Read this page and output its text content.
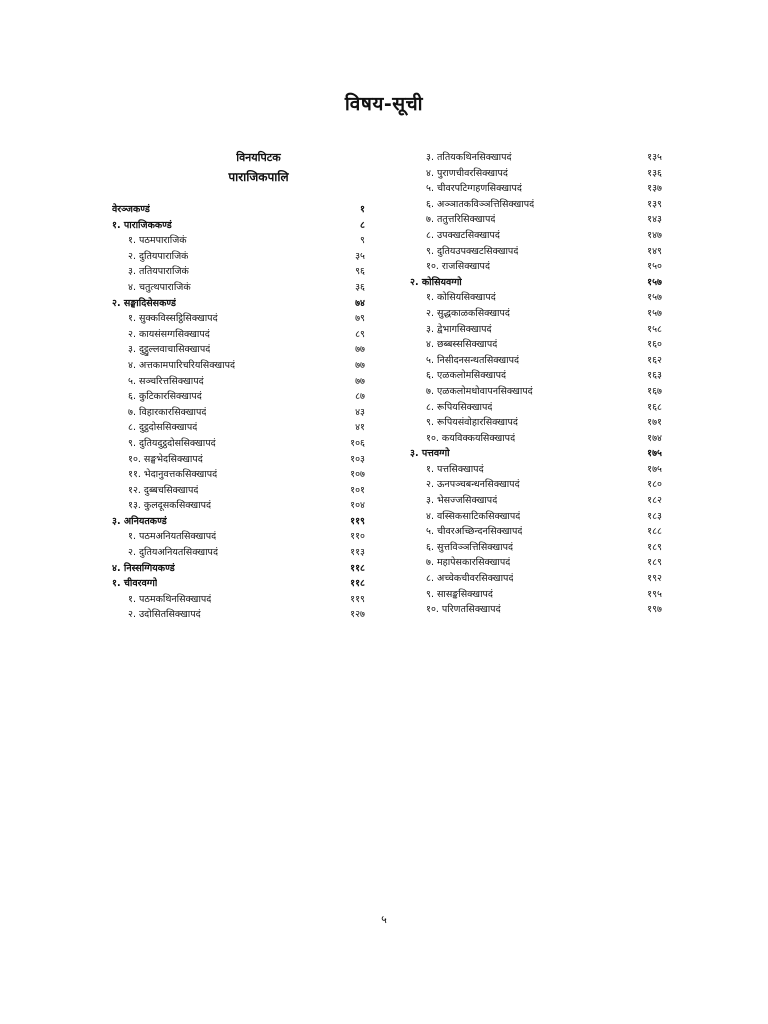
विषय-सूची
विनयपिटक
पाराजिकपालि
वेरञ्जकण्डं	१
१. पाराजिककण्डं	८
१. पठमपाराजिकं	९
२. दुतियपाराजिकं	३५
३. ततियपाराजिकं	९६
४. चतुत्थपाराजिकं	३६
२. सङ्घादिसेसकण्डं	७४
१. सुक्कविस्सट्ठिसिक्खापदं	७९
२. कायसंसग्गसिक्खापदं	८९
३. दुट्ठुल्लवाचासिक्खापदं	७७
४. अत्तकामपारिचरियसिक्खापदं	७७
५. सञ्चरित्तसिक्खापदं	७७
६. कुटिकारसिक्खापदं	८७
७. विहारकारसिक्खापदं	४३
८. दुट्ठदोससिक्खापदं	४१
९. दुतियदुट्ठदोससिक्खापदं	१०६
१०. सङ्घभेदसिक्खापदं	१०३
११. भेदानुवत्तकसिक्खापदं	१०७
१२. दुब्बचसिक्खापदं	१०१
१३. कुलदूसकसिक्खापदं	१०४
३. अनियतकण्डं	११९
१. पठमअनियतसिक्खापदं	११०
२. दुतियअनियतसिक्खापदं	११३
४. निस्सग्गियकण्डं	११८
१. चीवरवग्गो	११८
१. पठमकथिनसिक्खापदं	११९
२. उदोसितसिक्खापदं	१२७
३. ततियकथिनसिक्खापदं	१३५
४. पुराणचीवरसिक्खापदं	१३६
५. चीवरपटिग्गहणसिक्खापदं	१३७
६. अञ्ञातकविञ्ञत्तिसिक्खापदं	१३९
७. ततुत्तरिसिक्खापदं	१४३
८. उपक्खटसिक्खापदं	१४७
९. दुतियउपक्खटसिक्खापदं	१४९
१०. राजसिक्खापदं	१५०
२. कोसियवग्गो	१५७
१. कोसियसिक्खापदं	१५७
२. सुद्धकाळकसिक्खापदं	१५७
३. द्वेभागसिक्खापदं	१५८
४. छब्बस्ससिक्खापदं	१६०
५. निसीदनसन्थतसिक्खापदं	१६२
६. एळकलोमसिक्खापदं	१६३
७. एळकलोमधोवापनसिक्खापदं	१६७
८. रूपियसिक्खापदं	१६८
९. रूपियसंवोहारसिक्खापदं	१७१
१०. कयविक्कयसिक्खापदं	१७४
३. पत्तवग्गो	१७५
१. पत्तसिक्खापदं	१७५
२. ऊनपञ्चबन्धनसिक्खापदं	१८०
३. भेसज्जसिक्खापदं	१८२
४. वस्सिकसाटिकसिक्खापदं	१८३
५. चीवरअच्छिन्दनसिक्खापदं	१८८
६. सुत्तविञ्ञत्तिसिक्खापदं	१८९
७. महापेसकारसिक्खापदं	१८९
८. अच्चेकचीवरसिक्खापदं	१९२
९. सासङ्कसिक्खापदं	१९५
१०. परिणतसिक्खापदं	१९७
५
